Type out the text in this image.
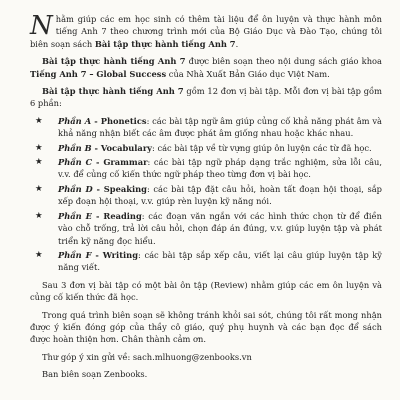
Nhằm giúp các em học sinh có thêm tài liệu để ôn luyện và thực hành môn tiếng Anh 7 theo chương trình mới của Bộ Giáo Dục và Đào Tạo, chúng tôi biên soạn sách Bài tập thực hành tiếng Anh 7.

Bài tập thực hành tiếng Anh 7 được biên soạn theo nội dung sách giáo khoa Tiếng Anh 7 – Global Success của Nhà Xuất Bản Giáo dục Việt Nam.

Bài tập thực hành tiếng Anh 7 gồm 12 đơn vị bài tập. Mỗi đơn vị bài tập gồm 6 phần:

★ Phần A - Phonetics: các bài tập ngữ âm giúp củng cố khả năng phát âm và khả năng nhận biết các âm được phát âm giống nhau hoặc khác nhau.
★ Phần B - Vocabulary: các bài tập về từ vựng giúp ôn luyện các từ đã học.
★ Phần C - Grammar: các bài tập ngữ pháp dạng trắc nghiệm, sửa lỗi câu, v.v. để củng cố kiến thức ngữ pháp theo từng đơn vị bài học.
★ Phần D - Speaking: các bài tập đặt câu hỏi, hoàn tất đoạn hội thoại, sắp xếp đoạn hội thoại, v.v. giúp rèn luyện kỹ năng nói.
★ Phần E - Reading: các đoạn văn ngắn với các hình thức chọn từ để điền vào chỗ trống, trả lời câu hỏi, chọn đáp án đúng, v.v. giúp luyện tập và phát triển kỹ năng đọc hiểu.
★ Phần F - Writing: các bài tập sắp xếp câu, viết lại câu giúp luyện tập kỹ năng viết.

Sau 3 đơn vị bài tập có một bài ôn tập (Review) nhằm giúp các em ôn luyện và củng cố kiến thức đã học.

Trong quá trình biên soạn sẽ không tránh khỏi sai sót, chúng tôi rất mong nhận được ý kiến đóng góp của thầy cô giáo, quý phụ huynh và các bạn đọc để sách được hoàn thiện hơn. Chân thành cảm ơn.

Thư góp ý xin gửi về: sach.mlhuong@zenbooks.vn

Ban biên soạn Zenbooks.
